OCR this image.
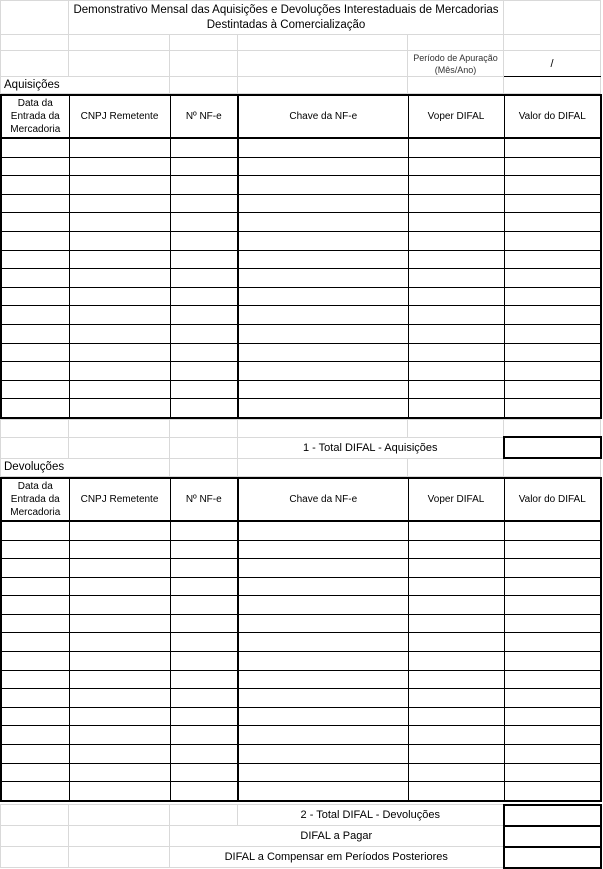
	Demonstrativo Mensal das Aquisições e Devoluções Interestaduais de Mercadorias
Destintadas à Comercialização				

				Período de Apuração (Mês/Ano)	/
Aquisições					
Data da Entrada da Mercadoria	CNPJ Remetente	Nº NF-e	Chave da NF-e	Voper DIFAL	Valor do DIFAL

			1 - Total DIFAL - Aquisições		
Devoluções					
Data da Entrada da Mercadoria	CNPJ Remetente	Nº NF-e	Chave da NF-e	Voper DIFAL	Valor do DIFAL

			2 - Total DIFAL - Devoluções	
		DIFAL a Pagar		
		DIFAL a Compensar em Períodos Posteriores		
